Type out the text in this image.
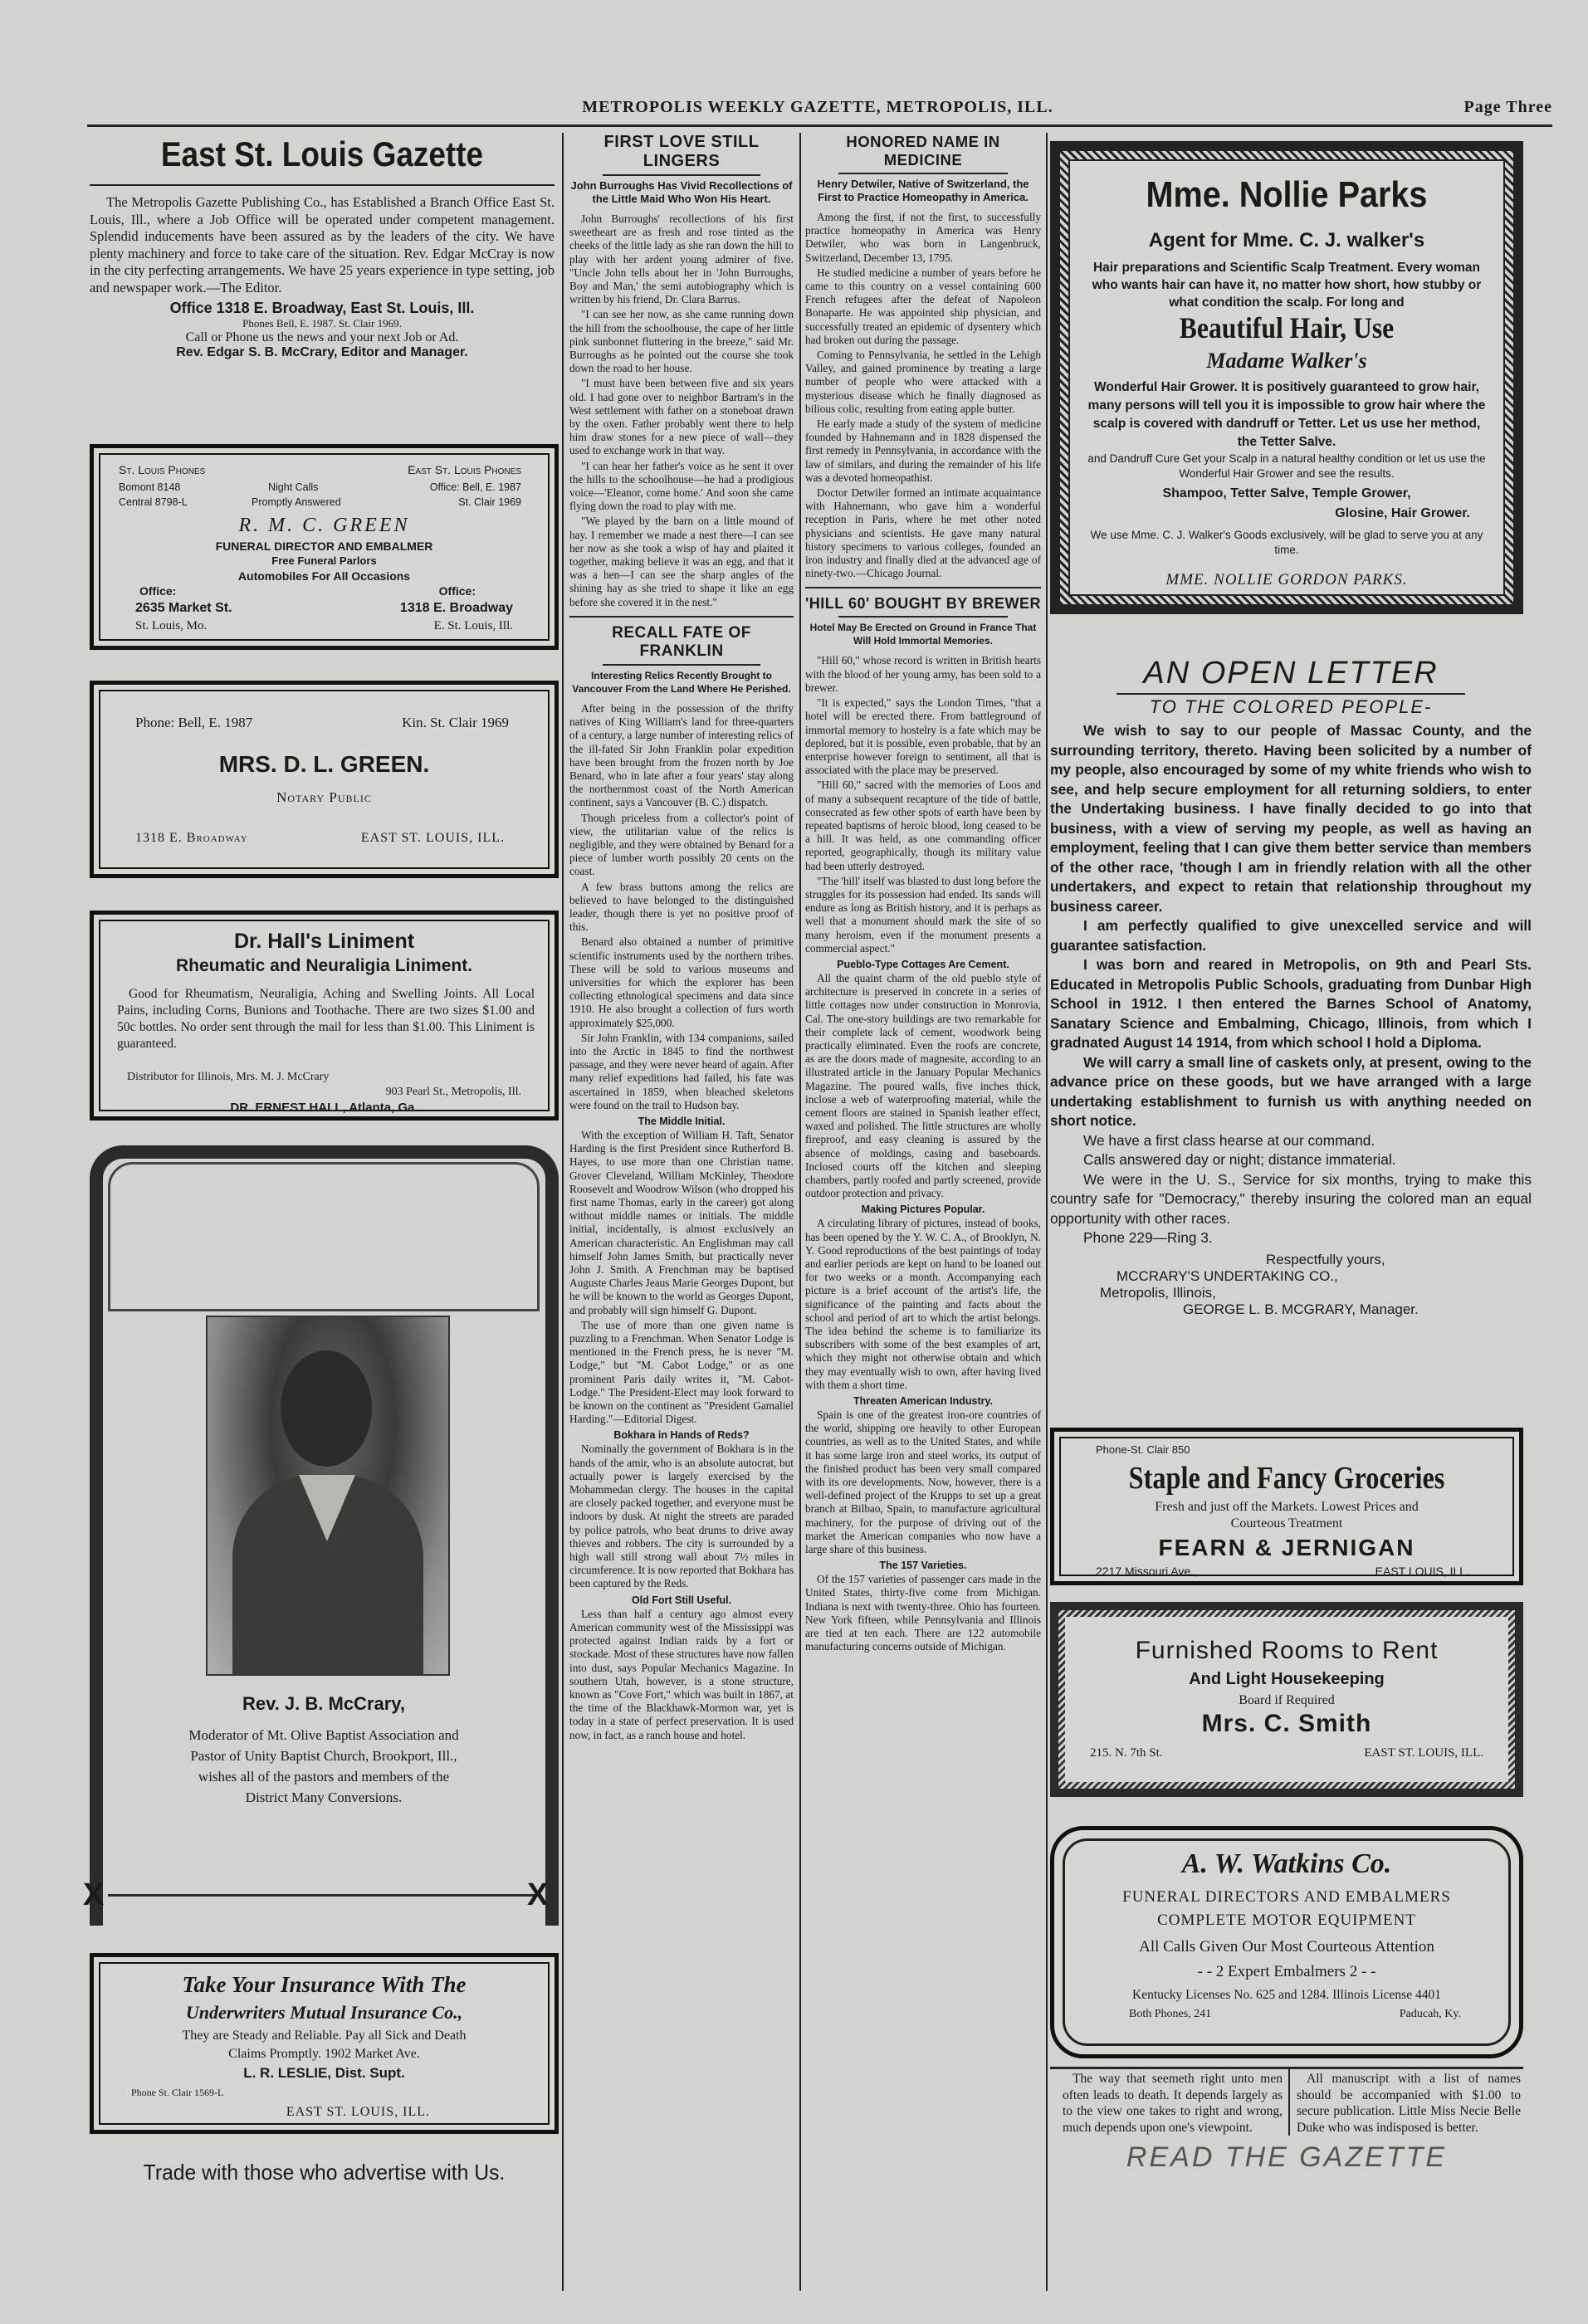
METROPOLIS WEEKLY GAZETTE, METROPOLIS, ILL.	Page Three
East St. Louis Gazette

The Metropolis Gazette Publishing Co., has Established a Branch Office East St. Louis, Ill., where a Job Office will be operated under competent management. Splendid inducements have been assured as by the leaders of the city. We have plenty machinery and force to take care of the situation. Rev. Edgar McCray is now in the city perfecting arrangements. We have 25 years experience in type setting, job and newspaper work.—The Editor.

Office 1318 E. Broadway, East St. Louis, Ill.
Phones Bell, E. 1987. St. Clair 1969.
Call or Phone us the news and your next Job or Ad.
Rev. Edgar S. B. McCrary, Editor and Manager.
St. Louis Phones	East St. Louis Phones
Bomont 8148	Night Calls	Office: Bell, E. 1987
Central 8798-L	Promptly Answered	St. Clair 1969
R. M. C. GREEN
FUNERAL DIRECTOR AND EMBALMER
Free Funeral Parlors
Automobiles For All Occasions
Office:	Office:
2635 Market St.	1318 E. Broadway
St. Louis, Mo.	E. St. Louis, Ill.
Phone: Bell, E. 1987	Kin. St. Clair 1969
MRS. D. L. GREEN.
Notary Public
1318 E. Broadway	EAST ST. LOUIS, ILL.
Dr. Hall's Liniment
Rheumatic and Neuraligia Liniment.

Good for Rheumatism, Neuraligia, Aching and Swelling Joints. All Local Pains, including Corns, Bunions and Toothache. There are two sizes $1.00 and 50c bottles. No order sent through the mail for less than $1.00. This Liniment is guaranteed.

Distributor for Illinois, Mrs. M. J. McCrary
903 Pearl St., Metropolis, Ill.
DR. ERNEST HALL, Atlanta, Ga.
X	X
Rev. J. B. McCrary,

Moderator of Mt. Olive Baptist Association and Pastor of Unity Baptist Church, Brookport, Ill., wishes all of the pastors and members of the District Many Conversions.

Take Your Insurance With The
Underwriters Mutual Insurance Co.,
They are Steady and Reliable. Pay all Sick and Death
Claims Promptly. 1902 Market Ave.
L. R. LESLIE, Dist. Supt.
Phone St. Clair 1569-L
EAST ST. LOUIS, ILL.
Trade with those who advertise with Us.
FIRST LOVE STILL LINGERS
John Burroughs Has Vivid Recollections of the Little Maid Who Won His Heart.

John Burroughs' recollections of his first sweetheart are as fresh and rose tinted as the cheeks of the little lady as she ran down the hill to play with her ardent young admirer of five. "Uncle John tells about her in 'John Burroughs, Boy and Man,' the semi autobiography which is written by his friend, Dr. Clara Barrus.

"I can see her now, as she came running down the hill from the schoolhouse, the cape of her little pink sunbonnet fluttering in the breeze," said Mr. Burroughs as he pointed out the course she took down the road to her house.

"I must have been between five and six years old. I had gone over to neighbor Bartram's in the West settlement with father on a stoneboat drawn by the oxen. Father probably went there to help him draw stones for a new piece of wall—they used to exchange work in that way.

"I can hear her father's voice as he sent it over the hills to the schoolhouse—he had a prodigious voice—'Eleanor, come home.' And soon she came flying down the road to play with me.

"We played by the barn on a little mound of hay. I remember we made a nest there—I can see her now as she took a wisp of hay and plaited it together, making believe it was an egg, and that it was a hen—I can see the sharp angles of the shining hay as she tried to shape it like an egg before she covered it in the nest."

RECALL FATE OF FRANKLIN
Interesting Relics Recently Brought to Vancouver From the Land Where He Perished.

After being in the possession of the thrifty natives of King William's land for three-quarters of a century, a large number of interesting relics of the ill-fated Sir John Franklin polar expedition have been brought from the frozen north by Joe Benard, who in late after a four years' stay along the northernmost coast of the North American continent, says a Vancouver (B. C.) dispatch.

Though priceless from a collector's point of view, the utilitarian value of the relics is negligible, and they were obtained by Benard for a piece of lumber worth possibly 20 cents on the coast.

A few brass buttons among the relics are believed to have belonged to the distinguished leader, though there is yet no positive proof of this.

Benard also obtained a number of primitive scientific instruments used by the northern tribes. These will be sold to various museums and universities for which the explorer has been collecting ethnological specimens and data since 1910. He also brought a collection of furs worth approximately $25,000.

Sir John Franklin, with 134 companions, sailed into the Arctic in 1845 to find the northwest passage, and they were never heard of again. After many relief expeditions had failed, his fate was ascertained in 1859, when bleached skeletons were found on the trail to Hudson bay.

The Middle Initial.

With the exception of William H. Taft, Senator Harding is the first President since Rutherford B. Hayes, to use more than one Christian name. Grover Cleveland, William McKinley, Theodore Roosevelt and Woodrow Wilson (who dropped his first name Thomas, early in the career) got along without middle names or initials. The middle initial, incidentally, is almost exclusively an American characteristic. An Englishman may call himself John James Smith, but practically never John J. Smith. A Frenchman may be baptised Auguste Charles Jeaus Marie Georges Dupont, but he will be known to the world as Georges Dupont, and probably will sign himself G. Dupont.

The use of more than one given name is puzzling to a Frenchman. When Senator Lodge is mentioned in the French press, he is never "M. Lodge," but "M. Cabot Lodge," or as one prominent Paris daily writes it, "M. Cabot-Lodge." The President-Elect may look forward to be known on the continent as "President Gamaliel Harding."—Editorial Digest.

Bokhara in Hands of Reds?

Nominally the government of Bokhara is in the hands of the amir, who is an absolute autocrat, but actually power is largely exercised by the Mohammedan clergy. The houses in the capital are closely packed together, and everyone must be indoors by dusk. At night the streets are paraded by police patrols, who beat drums to drive away thieves and robbers. The city is surrounded by a high wall still strong wall about 7½ miles in circumference. It is now reported that Bokhara has been captured by the Reds.

Old Fort Still Useful.

Less than half a century ago almost every American community west of the Mississippi was protected against Indian raids by a fort or stockade. Most of these structures have now fallen into dust, says Popular Mechanics Magazine. In southern Utah, however, is a stone structure, known as "Cove Fort," which was built in 1867, at the time of the Blackhawk-Mormon war, yet is today in a state of perfect preservation. It is used now, in fact, as a ranch house and hotel.

HONORED NAME IN MEDICINE
Henry Detwiler, Native of Switzerland, the First to Practice Homeopathy in America.

Among the first, if not the first, to successfully practice homeopathy in America was Henry Detwiler, who was born in Langenbruck, Switzerland, December 13, 1795.

He studied medicine a number of years before he came to this country on a vessel containing 600 French refugees after the defeat of Napoleon Bonaparte. He was appointed ship physician, and successfully treated an epidemic of dysentery which had broken out during the passage.

Coming to Pennsylvania, he settled in the Lehigh Valley, and gained prominence by treating a large number of people who were attacked with a mysterious disease which he finally diagnosed as bilious colic, resulting from eating apple butter.

He early made a study of the system of medicine founded by Hahnemann and in 1828 dispensed the first remedy in Pennsylvania, in accordance with the law of similars, and during the remainder of his life was a devoted homeopathist.

Doctor Detwiler formed an intimate acquaintance with Hahnemann, who gave him a wonderful reception in Paris, where he met other noted physicians and scientists. He gave many natural history specimens to various colleges, founded an iron industry and finally died at the advanced age of ninety-two.—Chicago Journal.

'HILL 60' BOUGHT BY BREWER
Hotel May Be Erected on Ground in France That Will Hold Immortal Memories.

"Hill 60," whose record is written in British hearts with the blood of her young army, has been sold to a brewer.

"It is expected," says the London Times, "that a hotel will be erected there. From battleground of immortal memory to hostelry is a fate which may be deplored, but it is possible, even probable, that by an enterprise however foreign to sentiment, all that is associated with the place may be preserved.

"Hill 60," sacred with the memories of Loos and of many a subsequent recapture of the tide of battle, consecrated as few other spots of earth have been by repeated baptisms of heroic blood, long ceased to be a hill. It was held, as one commanding officer reported, geographically, though its military value had been utterly destroyed.

"The 'hill' itself was blasted to dust long before the struggles for its possession had ended. Its sands will endure as long as British history, and it is perhaps as well that a monument should mark the site of so many heroism, even if the monument presents a commercial aspect."

Pueblo-Type Cottages Are Cement.

All the quaint charm of the old pueblo style of architecture is preserved in concrete in a series of little cottages now under construction in Monrovia, Cal. The one-story buildings are two remarkable for their complete lack of cement, woodwork being practically eliminated. Even the roofs are concrete, as are the doors made of magnesite, according to an illustrated article in the January Popular Mechanics Magazine. The poured walls, five inches thick, inclose a web of waterproofing material, while the cement floors are stained in Spanish leather effect, waxed and polished. The little structures are wholly fireproof, and easy cleaning is assured by the absence of moldings, casing and baseboards. Inclosed courts off the kitchen and sleeping chambers, partly roofed and partly screened, provide outdoor protection and privacy.

Making Pictures Popular.

A circulating library of pictures, instead of books, has been opened by the Y. W. C. A., of Brooklyn, N. Y. Good reproductions of the best paintings of today and earlier periods are kept on hand to be loaned out for two weeks or a month. Accompanying each picture is a brief account of the artist's life, the significance of the painting and facts about the school and period of art to which the artist belongs. The idea behind the scheme is to familiarize its subscribers with some of the best examples of art, which they might not otherwise obtain and which they may eventually wish to own, after having lived with them a short time.

Threaten American Industry.

Spain is one of the greatest iron-ore countries of the world, shipping ore heavily to other European countries, as well as to the United States, and while it has some large iron and steel works, its output of the finished product has been very small compared with its ore developments. Now, however, there is a well-defined project of the Krupps to set up a great branch at Bilbao, Spain, to manufacture agricultural machinery, for the purpose of driving out of the market the American companies who now have a large share of this business.

The 157 Varieties.

Of the 157 varieties of passenger cars made in the United States, thirty-five come from Michigan. Indiana is next with twenty-three. Ohio has fourteen. New York fifteen, while Pennsylvania and Illinois are tied at ten each. There are 122 automobile manufacturing concerns outside of Michigan.

Mme. Nollie Parks
Agent for Mme. C. J. walker's

Hair preparations and Scientific Scalp Treatment. Every woman who wants hair can have it, no matter how short, how stubby or what condition the scalp. For long and

Beautiful Hair, Use
Madame Walker's

Wonderful Hair Grower. It is positively guaranteed to grow hair, many persons will tell you it is impossible to grow hair where the scalp is covered with dandruff or Tetter. Let us use her method, the Tetter Salve.

and Dandruff Cure Get your Scalp in a natural healthy condition or let us use the Wonderful Hair Grower and see the results.

Shampoo, Tetter Salve, Temple Grower,
Glosine, Hair Grower.

We use Mme. C. J. Walker's Goods exclusively, will be glad to serve you at any time.

MME. NOLLIE GORDON PARKS.
AN OPEN LETTER
TO THE COLORED PEOPLE-

We wish to say to our people of Massac County, and the surrounding territory, thereto. Having been solicited by a number of my people, also encouraged by some of my white friends who wish to see, and help secure employment for all returning soldiers, to enter the Undertaking business. I have finally decided to go into that business, with a view of serving my people, as well as having an employment, feeling that I can give them better service than members of the other race, 'though I am in friendly relation with all the other undertakers, and expect to retain that relationship throughout my business career.

I am perfectly qualified to give unexcelled service and will guarantee satisfaction.

I was born and reared in Metropolis, on 9th and Pearl Sts. Educated in Metropolis Public Schools, graduating from Dunbar High School in 1912. I then entered the Barnes School of Anatomy, Sanatary Science and Embalming, Chicago, Illinois, from which I gradnated August 14 1914, from which school I hold a Diploma.

We will carry a small line of caskets only, at present, owing to the advance price on these goods, but we have arranged with a large undertaking establishment to furnish us with anything needed on short notice.

We have a first class hearse at our command.

Calls answered day or night; distance immaterial.

We were in the U. S., Service for six months, trying to make this country safe for "Democracy," thereby insuring the colored man an equal opportunity with other races.

Phone 229—Ring 3.

Respectfully yours,
MCCRARY'S UNDERTAKING CO.,
Metropolis, Illinois,
GEORGE L. B. MCGRARY, Manager.
Phone-St. Clair 850
Staple and Fancy Groceries
Fresh and just off the Markets. Lowest Prices and
Courteous Treatment
FEARN & JERNIGAN
2217 Missouri Ave.,	EAST LOUIS, ILL.
Furnished Rooms to Rent
And Light Housekeeping
Board if Required
Mrs. C. Smith
215. N. 7th St.	EAST ST. LOUIS, ILL.
A. W. Watkins Co.
FUNERAL DIRECTORS AND EMBALMERS
COMPLETE MOTOR EQUIPMENT
All Calls Given Our Most Courteous Attention
- - 2 Expert Embalmers 2 - -
Kentucky Licenses No. 625 and 1284. Illinois License 4401
Both Phones, 241	Paducah, Ky.

The way that seemeth right unto men often leads to death. It depends largely as to the view one takes to right and wrong, much depends upon one's viewpoint.

All manuscript with a list of names should be accompanied with $1.00 to secure publication. Little Miss Necie Belle Duke who was indisposed is better.

READ THE GAZETTE
